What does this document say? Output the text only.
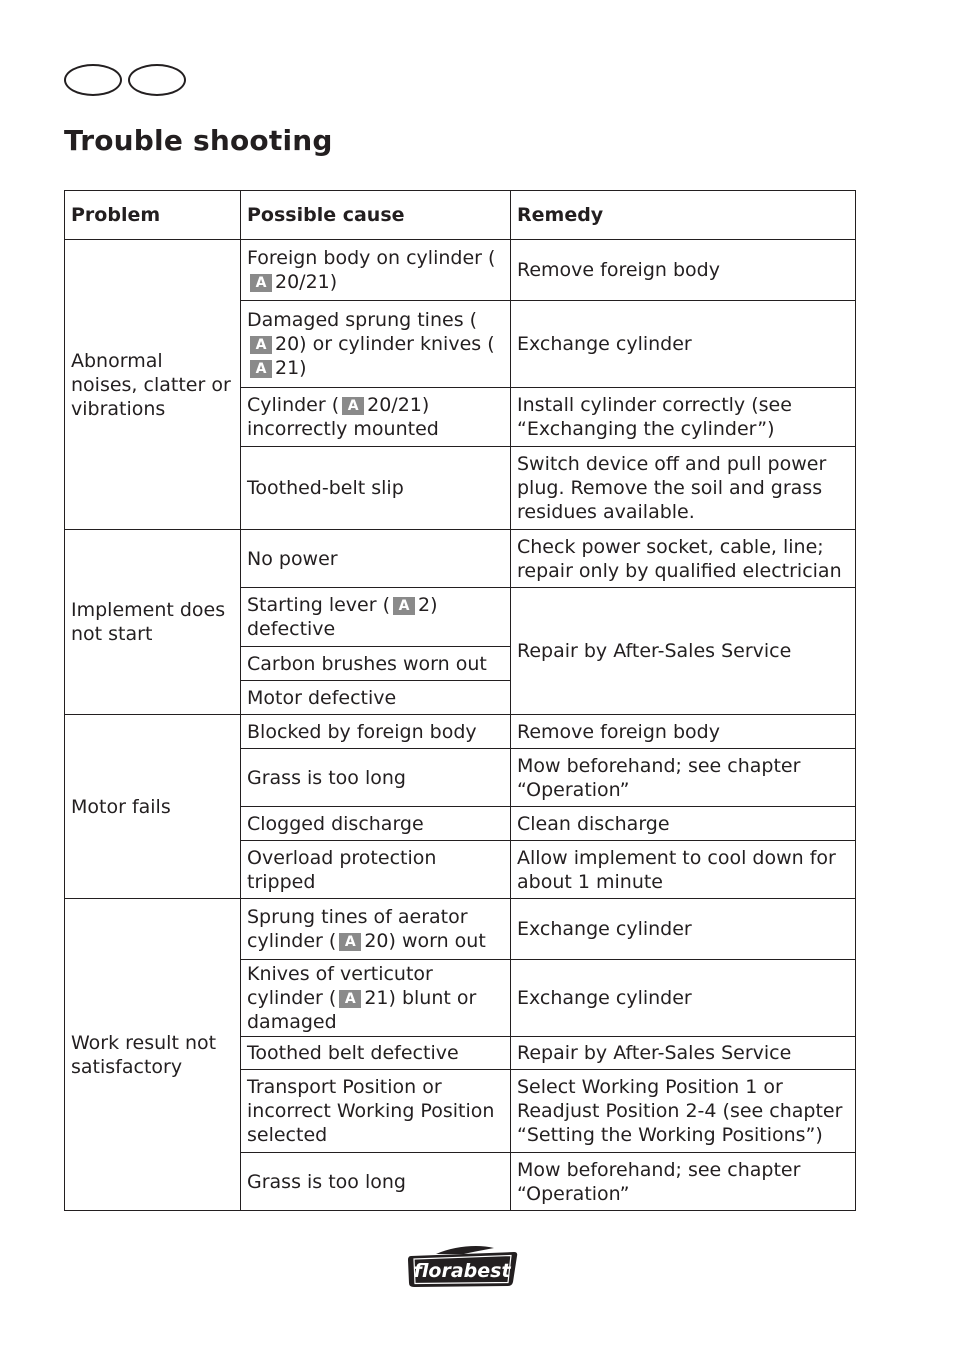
Trouble shooting
Problem	Possible cause	Remedy
Abnormal noises, clatter or vibrations	Foreign body on cylinder (A 20/21)	Remove foreign body
	Damaged sprung tines (A 20) or cylinder knives (A 21)	Exchange cylinder
	Cylinder ( A 20/21) incorrectly mounted	Install cylinder correctly (see “Exchanging the cylinder”)
	Toothed-belt slip	Switch device off and pull power plug. Remove the soil and grass residues available.
Implement does not start	No power	Check power socket, cable, line; repair only by qualified electrician
	Starting lever ( A 2) defective	Repair by After-Sales Service
	Carbon brushes worn out	
	Motor defective	
Motor fails	Blocked by foreign body	Remove foreign body
	Grass is too long	Mow beforehand; see chapter “Operation”
	Clogged discharge	Clean discharge
	Overload protection tripped	Allow implement to cool down for about 1 minute
Work result not satisfactory	Sprung tines of aerator cylinder ( A 20) worn out	Exchange cylinder
	Knives of verticutor cylinder ( A 21) blunt or damaged	Exchange cylinder
	Toothed belt defective	Repair by After-Sales Service
	Transport Position or incorrect Working Position selected	Select Working Position 1 or Readjust Position 2-4 (see chapter “Setting the Working Positions”)
	Grass is too long	Mow beforehand; see chapter “Operation”
florabest
